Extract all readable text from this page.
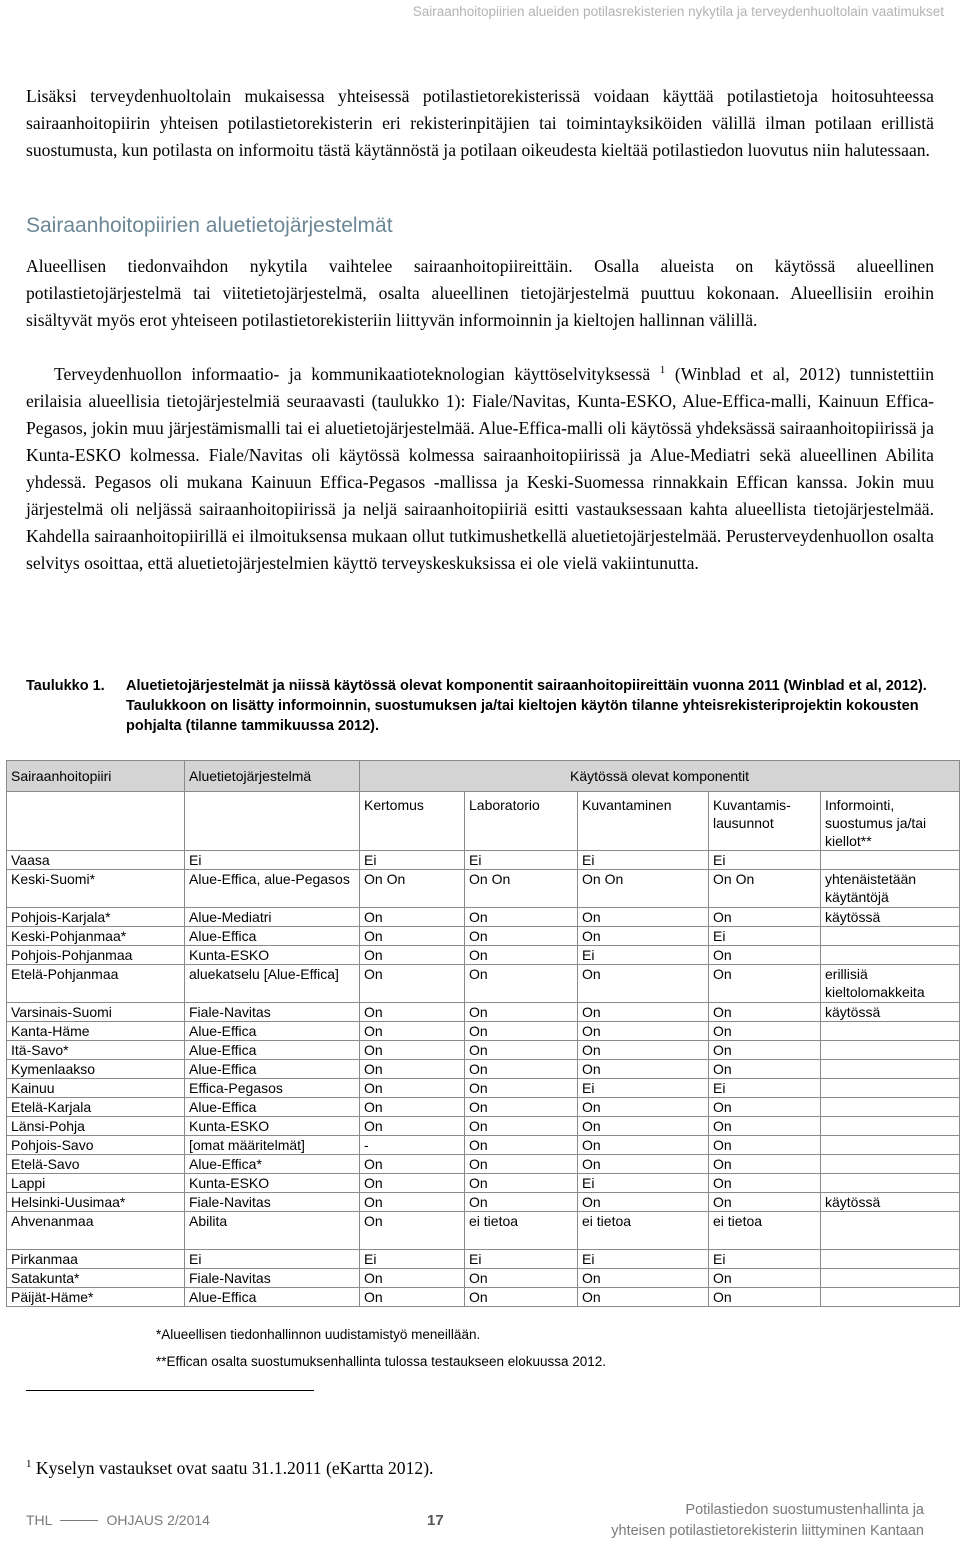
Sairaanhoitopiirien alueiden potilasrekisterien nykytila ja terveydenhuoltolain vaatimukset

Lisäksi terveydenhuoltolain mukaisessa yhteisessä potilastietorekisterissä voidaan käyttää potilastietoja hoitosuhteessa sairaanhoitopiirin yhteisen potilastietorekisterin eri rekisterinpitäjien tai toimintayksiköiden välillä ilman potilaan erillistä suostumusta, kun potilasta on informoitu tästä käytännöstä ja potilaan oikeudesta kieltää potilastiedon luovutus niin halutessaan.

Sairaanhoitopiirien aluetietojärjestelmät

Alueellisen tiedonvaihdon nykytila vaihtelee sairaanhoitopiireittäin. Osalla alueista on käytössä alueellinen potilastietojärjestelmä tai viitetietojärjestelmä, osalta alueellinen tietojärjestelmä puuttuu kokonaan. Alueellisiin eroihin sisältyvät myös erot yhteiseen potilastietorekisteriin liittyvän informoinnin ja kieltojen hallinnan välillä.

Terveydenhuollon informaatio- ja kommunikaatioteknologian käyttöselvityksessä $^1$ (Winblad et al, 2012) tunnistettiin erilaisia alueellisia tietojärjestelmiä seuraavasti (taulukko 1): Fiale/Navitas, Kunta-ESKO, Alue-Effica-malli, Kainuun Effica-Pegasos, jokin muu järjestämismalli tai ei aluetietojärjestelmää. Alue-Effica-malli oli käytössä yhdeksässä sairaanhoitopiirissä ja Kunta-ESKO kolmessa. Fiale/Navitas oli käytössä kolmessa sairaanhoitopiirissä ja Alue-Mediatri sekä alueellinen Abilita yhdessä. Pegasos oli mukana Kainuun Effica-Pegasos -mallissa ja Keski-Suomessa rinnakkain Effican kanssa. Jokin muu järjestelmä oli neljässä sairaanhoitopiirissä ja neljä sairaanhoitopiiriä esitti vastauksessaan kahta alueellista tietojärjestelmää. Kahdella sairaanhoitopiirillä ei ilmoituksensa mukaan ollut tutkimushetkellä aluetietojärjestelmää. Perusterveydenhuollon osalta selvitys osoittaa, että aluetietojärjestelmien käyttö terveyskeskuksissa ei ole vielä vakiintunutta.

Taulukko 1. Aluetietojärjestelmät ja niissä käytössä olevat komponentit sairaanhoitopiireittäin vuonna 2011 (Winblad et al, 2012). Taulukkoon on lisätty informoinnin, suostumuksen ja/tai kieltojen käytön tilanne yhteisrekisteriprojektin kokousten pohjalta (tilanne tammikuussa 2012).
Sairaanhoitopiiri	Aluetietojärjestelmä	Käytössä olevat komponentit				
		Kertomus	Laboratorio	Kuvantaminen	Kuvantamis-lausunnot	Informointi, suostumus ja/tai kiellot**
Vaasa	Ei	Ei	Ei	Ei	Ei	
Keski-Suomi*	Alue-Effica, alue-Pegasos	On On	On On	On On	On On	yhtenäistetään käytäntöjä
Pohjois-Karjala*	Alue-Mediatri	On	On	On	On	käytössä
Keski-Pohjanmaa*	Alue-Effica	On	On	On	Ei	
Pohjois-Pohjanmaa	Kunta-ESKO	On	On	Ei	On	
Etelä-Pohjanmaa	aluekatselu [Alue-Effica]	On	On	On	On	erillisiä kieltolomakkeita
Varsinais-Suomi	Fiale-Navitas	On	On	On	On	käytössä
Kanta-Häme	Alue-Effica	On	On	On	On	
Itä-Savo*	Alue-Effica	On	On	On	On	
Kymenlaakso	Alue-Effica	On	On	On	On	
Kainuu	Effica-Pegasos	On	On	Ei	Ei	
Etelä-Karjala	Alue-Effica	On	On	On	On	
Länsi-Pohja	Kunta-ESKO	On	On	On	On	
Pohjois-Savo	[omat määritelmät]	-	On	On	On	
Etelä-Savo	Alue-Effica*	On	On	On	On	
Lappi	Kunta-ESKO	On	On	Ei	On	
Helsinki-Uusimaa*	Fiale-Navitas	On	On	On	On	käytössä
Ahvenanmaa	Abilita	On	ei tietoa	ei tietoa	ei tietoa	
Pirkanmaa	Ei	Ei	Ei	Ei	Ei	
Satakunta*	Fiale-Navitas	On	On	On	On	
Päijät-Häme*	Alue-Effica	On	On	On	On	
*Alueellisen tiedonhallinnon uudistamistyö meneillään.
**Effican osalta suostumuksenhallinta tulossa testaukseen elokuussa 2012.
$^1$ Kyselyn vastaukset ovat saatu 31.1.2011 (eKartta 2012).
THL	OHJAUS 2/2014	17
Potilastiedon suostumustenhallinta ja
yhteisen potilastietorekisterin liittyminen Kantaan
